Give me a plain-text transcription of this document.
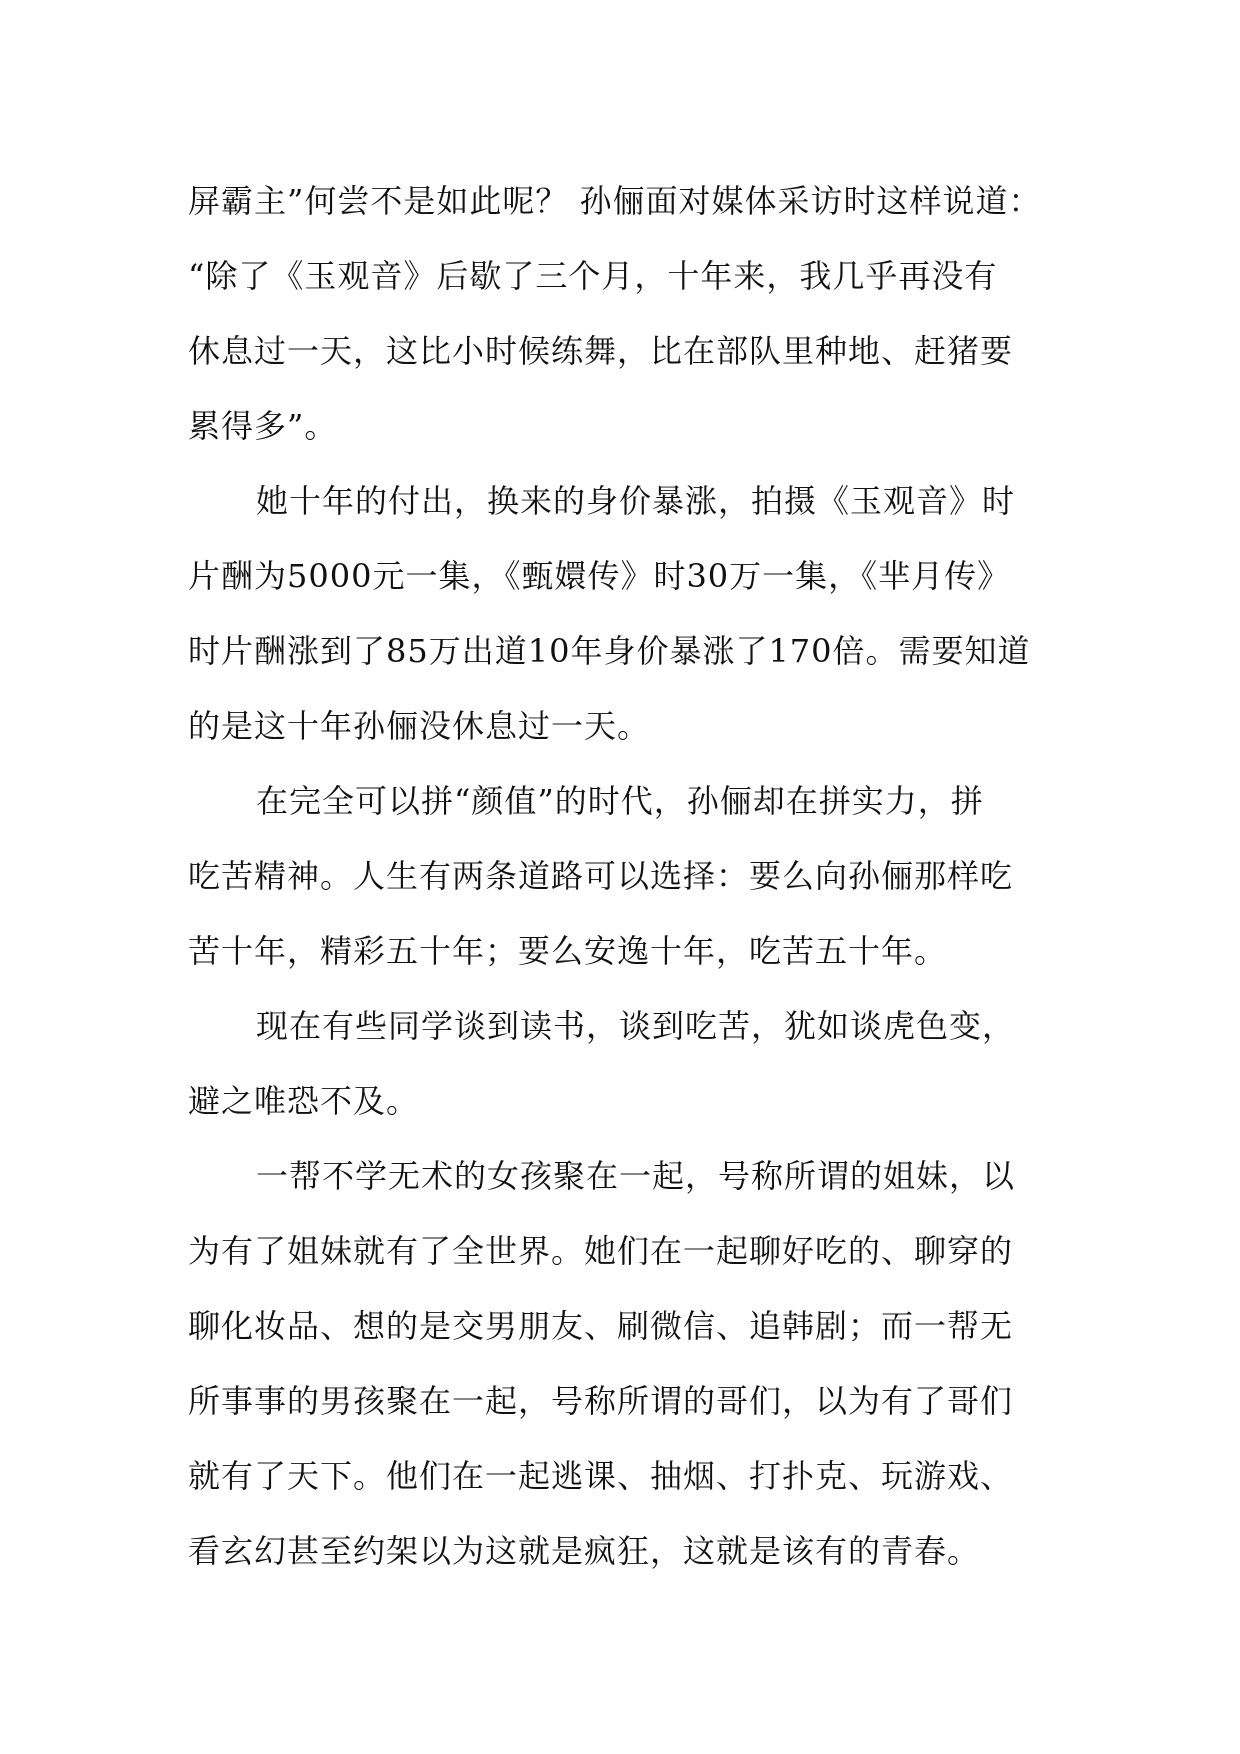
屏霸主”何尝不是如此呢？ 孙俪面对媒体采访时这样说道：
“除了《玉观音》后歇了三个月，十年来，我几乎再没有
休息过一天，这比小时候练舞，比在部队里种地、赶猪要
累得多”。
她十年的付出，换来的身价暴涨，拍摄《玉观音》时
片酬为5000元一集，《甄嬛传》时30万一集，《芈月传》
时片酬涨到了85万出道10年身价暴涨了170倍。需要知道
的是这十年孙俪没休息过一天。
在完全可以拼“颜值”的时代，孙俪却在拼实力，拼
吃苦精神。人生有两条道路可以选择：要么向孙俪那样吃
苦十年，精彩五十年；要么安逸十年，吃苦五十年。
现在有些同学谈到读书，谈到吃苦，犹如谈虎色变，
避之唯恐不及。
一帮不学无术的女孩聚在一起，号称所谓的姐妹，以
为有了姐妹就有了全世界。她们在一起聊好吃的、聊穿的
聊化妆品、想的是交男朋友、刷微信、追韩剧；而一帮无
所事事的男孩聚在一起，号称所谓的哥们，以为有了哥们
就有了天下。他们在一起逃课、抽烟、打扑克、玩游戏、
看玄幻甚至约架以为这就是疯狂，这就是该有的青春。
